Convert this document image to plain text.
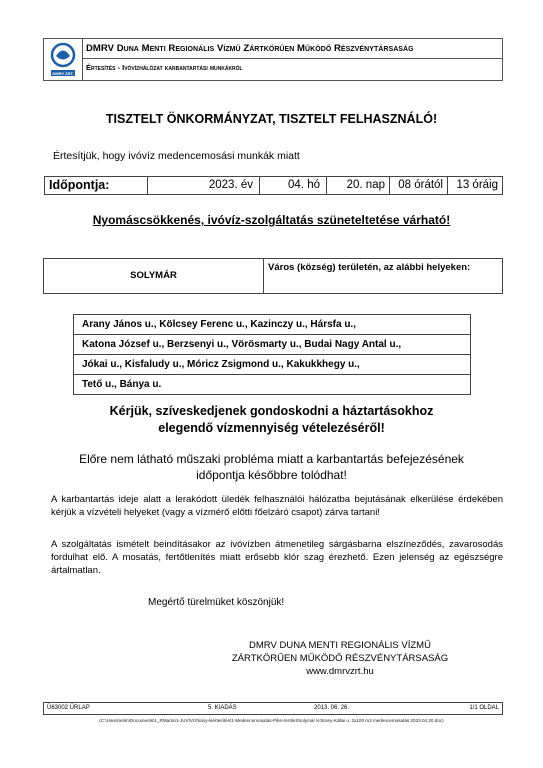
DMRV ZRT.
DMRV Duna Menti Regionális Vízmű Zártkörűen Működő Részvénytársaság
Értesítés - Ivóvízhálózat karbantartási munkákról
TISZTELT ÖNKORMÁNYZAT, TISZTELT FELHASZNÁLÓ!
Értesítjük, hogy ivóvíz medencemosási munkák miatt
Időpontja:	2023. év	04. hó	20. nap	08 órától	13 óráig
Nyomáscsökkenés, ivóvíz-szolgáltatás szüneteltetése várható!
SOLYMÁR
Város (község) területén, az alábbi helyeken:
Arany János u., Kölcsey Ferenc u., Kazinczy u., Hársfa u.,
Katona József u., Berzsenyi u., Vörösmarty u., Budai Nagy Antal u.,
Jókai u., Kisfaludy u., Móricz Zsigmond u., Kakukkhegy u.,
Tető u., Bánya u.
Kérjük, szíveskedjenek gondoskodni a háztartásokhoz
elegendő vízmennyiség vételezéséről!
Előre nem látható műszaki probléma miatt a karbantartás befejezésének
időpontja későbbre tolódhat!
A karbantartás ideje alatt a lerakódott üledék felhasználói hálózatba bejutásának elkerülése érdekében kérjük a vízvételi helyeket (vagy a vízmérő előtti főelzáró csapot) zárva tartani!
A szolgáltatás ismételt beindításakor az ivóvízben átmenetileg sárgásbarna elszíneződés, zavarosodás fordulhat elő. A mosatás, fertőtlenítés miatt erősebb klór szag érezhető. Ezen jelenség az egészségre ártalmatlan.
Megértő türelmüket köszönjük!
DMRV DUNA MENTI REGIONÁLIS VÍZMŰ
ZÁRTKÖRŰEN MŰKÖDŐ RÉSZVÉNYTÁRSASÁG
www.dmrvzrt.hu
Ü63002 ŰRLAP	5. KIADÁS	2013. 06. 26.	1/1 OLDAL
(C:\Users\etim\Documents\1_RMarta\1-JUV\Vízhiány-kiértesítés\1-Medencemosatás-Pilisi-terület\Solymár Kölcsey-Kállai u. 2x100 m3 medencemosatás 2023.04.20.doc)
